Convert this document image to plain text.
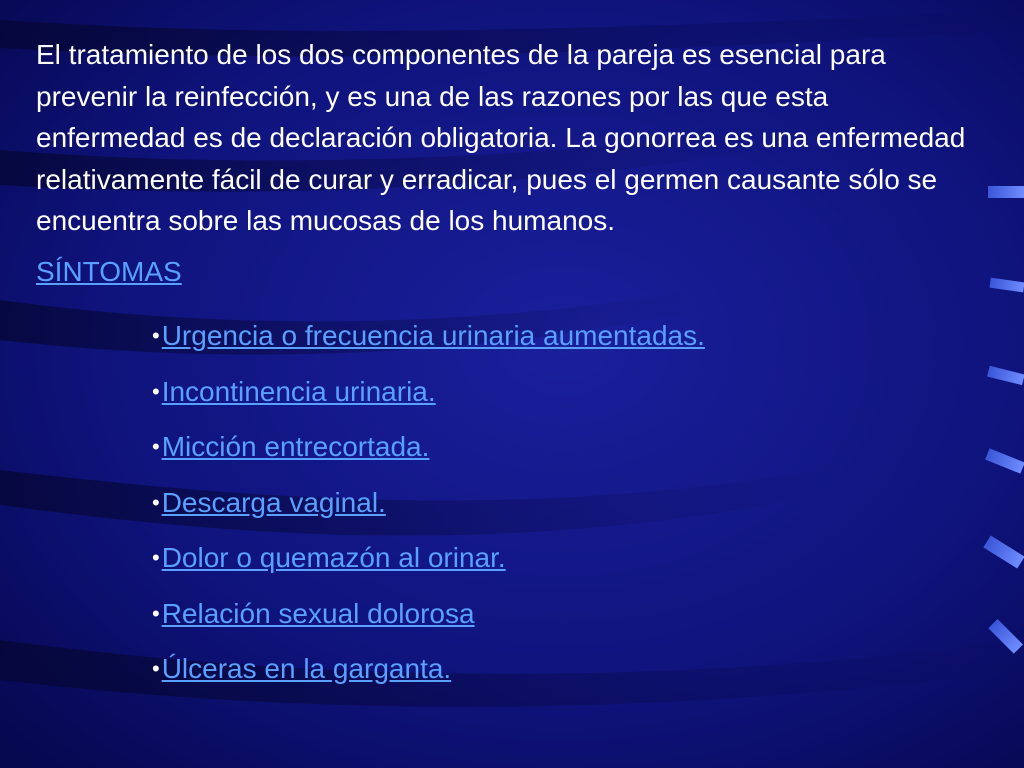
El tratamiento de los dos componentes de la pareja es esencial para prevenir la reinfección, y es una de las razones por las que esta enfermedad es de declaración obligatoria. La gonorrea es una enfermedad relativamente fácil de curar y erradicar, pues el germen causante sólo se encuentra sobre las mucosas de los humanos.

SÍNTOMAS
•Urgencia o frecuencia urinaria aumentadas.
•Incontinencia urinaria.
•Micción entrecortada.
•Descarga vaginal.
•Dolor o quemazón al orinar.
•Relación sexual dolorosa
•Úlceras en la garganta.
